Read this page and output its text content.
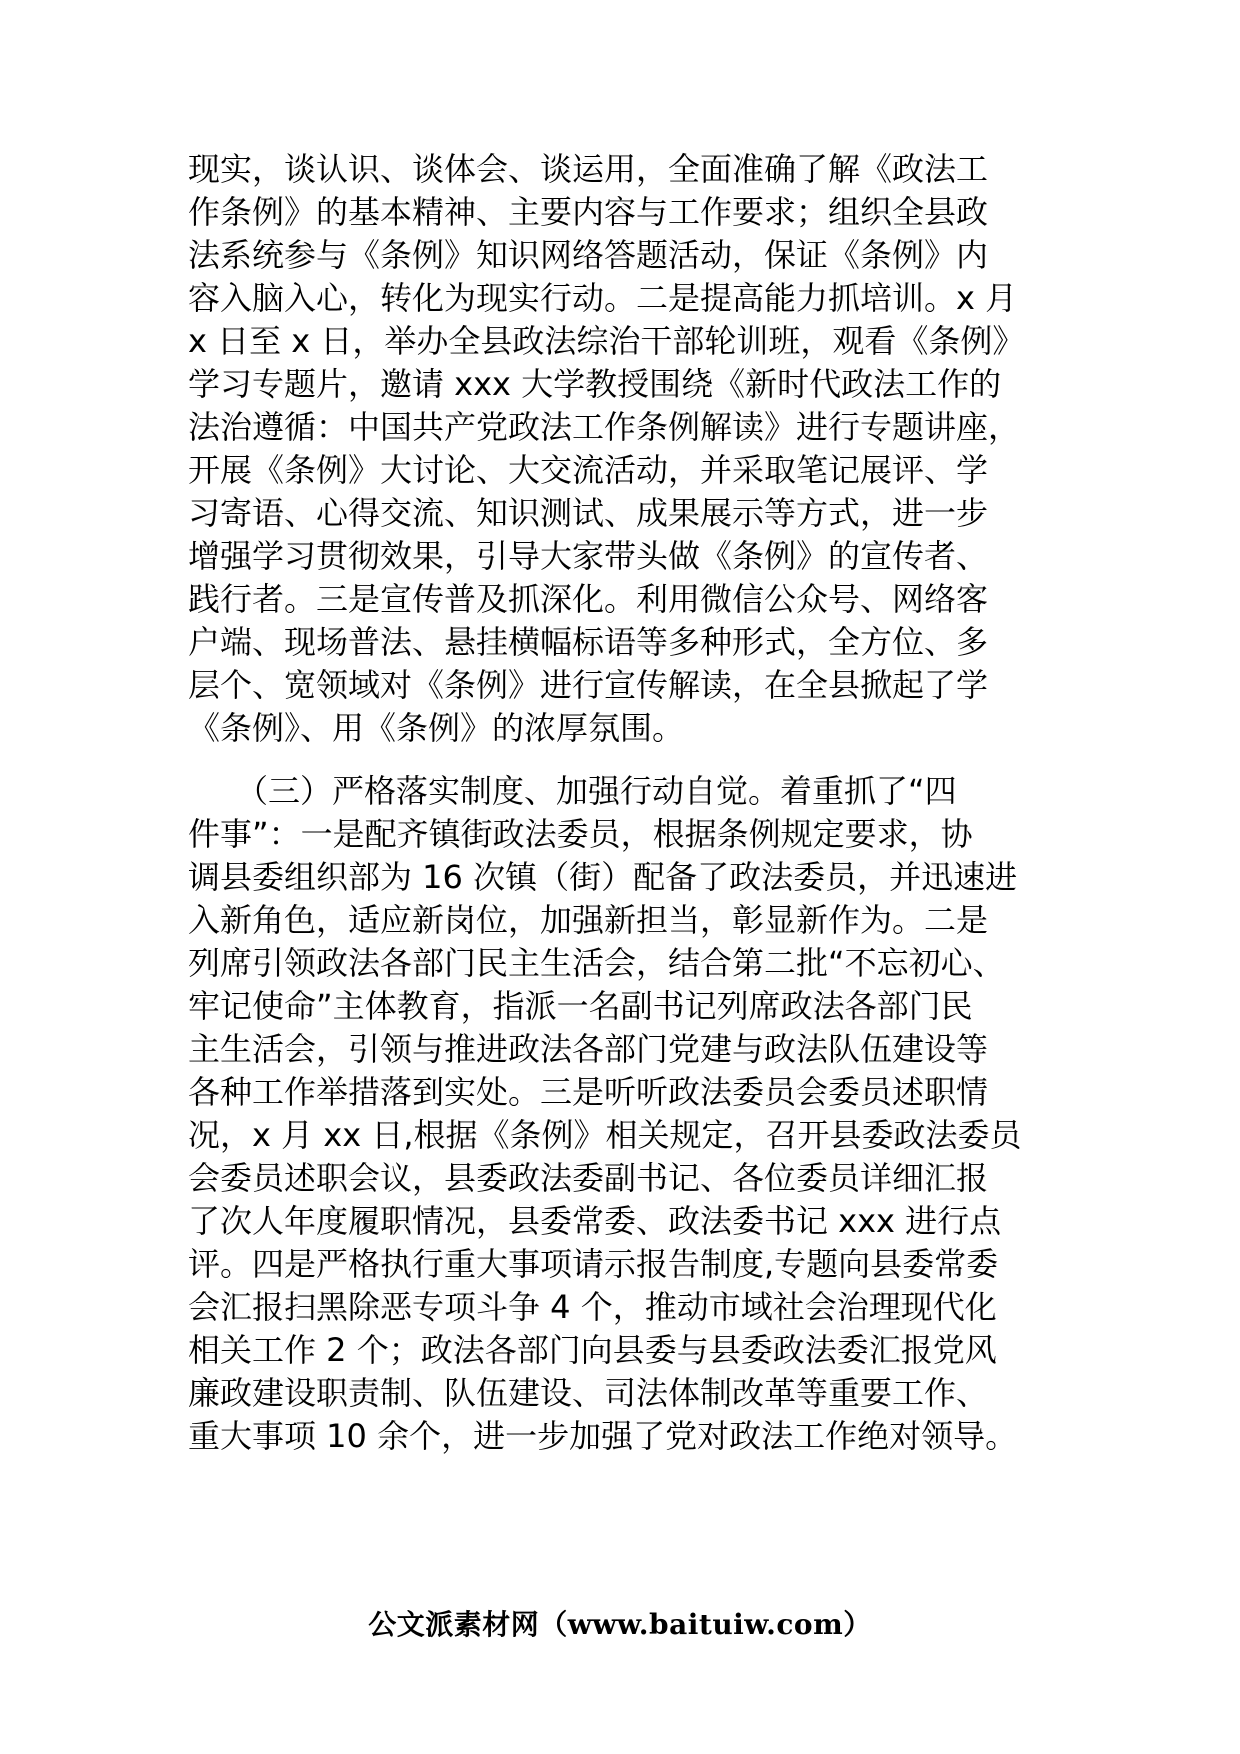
现实，谈认识、谈体会、谈运用，全面准确了解《政法工
作条例》的基本精神、主要内容与工作要求；组织全县政
法系统参与《条例》知识网络答题活动，保证《条例》内
容入脑入心，转化为现实行动。二是提高能力抓培训。x 月
x 日至 x 日，举办全县政法综治干部轮训班，观看《条例》
学习专题片，邀请 xxx 大学教授围绕《新时代政法工作的
法治遵循：中国共产党政法工作条例解读》进行专题讲座，
开展《条例》大讨论、大交流活动，并采取笔记展评、学
习寄语、心得交流、知识测试、成果展示等方式，进一步
增强学习贯彻效果，引导大家带头做《条例》的宣传者、
践行者。三是宣传普及抓深化。利用微信公众号、网络客
户端、现场普法、悬挂横幅标语等多种形式，全方位、多
层个、宽领域对《条例》进行宣传解读，在全县掀起了学
《条例》、用《条例》的浓厚氛围。
　　（三）严格落实制度、加强行动自觉。着重抓了“四
件事”：一是配齐镇街政法委员，根据条例规定要求，协
调县委组织部为 16 次镇（街）配备了政法委员，并迅速进
入新角色，适应新岗位，加强新担当，彰显新作为。二是
列席引领政法各部门民主生活会，结合第二批“不忘初心、
牢记使命”主体教育，指派一名副书记列席政法各部门民
主生活会，引领与推进政法各部门党建与政法队伍建设等
各种工作举措落到实处。三是听听政法委员会委员述职情
况，x 月 xx 日,根据《条例》相关规定，召开县委政法委员
会委员述职会议，县委政法委副书记、各位委员详细汇报
了次人年度履职情况，县委常委、政法委书记 xxx 进行点
评。四是严格执行重大事项请示报告制度,专题向县委常委
会汇报扫黑除恶专项斗争 4 个，推动市域社会治理现代化
相关工作 2 个；政法各部门向县委与县委政法委汇报党风
廉政建设职责制、队伍建设、司法体制改革等重要工作、
重大事项 10 余个，进一步加强了党对政法工作绝对领导。
公文派素材网（www.baituiw.com）
